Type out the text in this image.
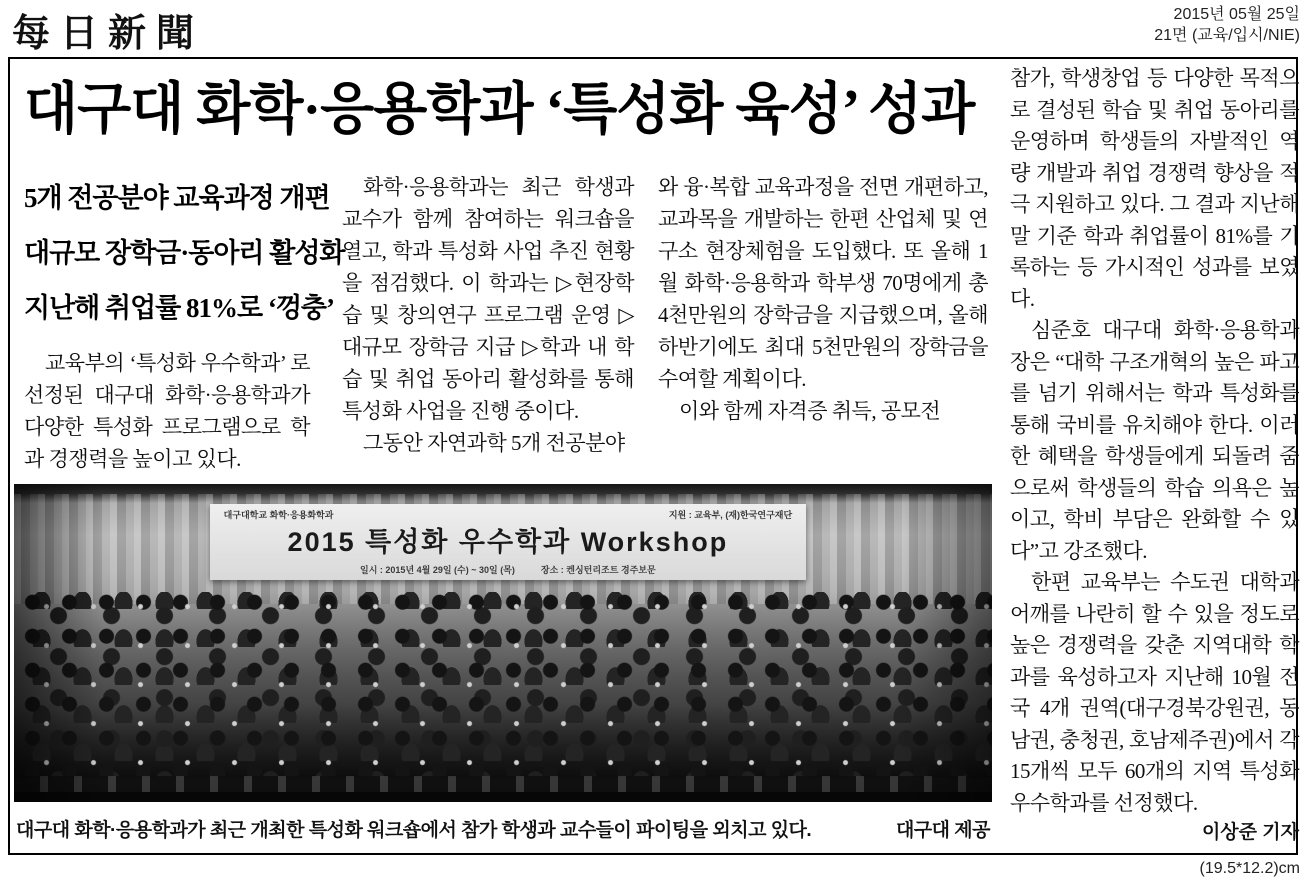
每日新聞	2015년 05월 25일
21면 (교육/입시/NIE)
대구대 화학·응용학과 ‘특성화 육성’ 성과
5개 전공분야 교육과정 개편
대규모 장학금·동아리 활성화
지난해 취업률 81%로 ‘껑충’

교육부의 ‘특성화 우수학과’ 로 선정된 대구대 화학·응용학과가 다양한 특성화 프로그램으로 학과 경쟁력을 높이고 있다.

화학·응용학과는 최근 학생과 교수가 함께 참여하는 워크숍을 열고, 학과 특성화 사업 추진 현황을 점검했다. 이 학과는 ▷현장학습 및 창의연구 프로그램 운영 ▷대규모 장학금 지급 ▷학과 내 학습 및 취업 동아리 활성화를 통해 특성화 사업을 진행 중이다.

그동안 자연과학 5개 전공분야

와 융·복합 교육과정을 전면 개편하고, 교과목을 개발하는 한편 산업체 및 연구소 현장체험을 도입했다. 또 올해 1월 화학·응용학과 학부생 70명에게 총 4천만원의 장학금을 지급했으며, 올해 하반기에도 최대 5천만원의 장학금을 수여할 계획이다.

이와 함께 자격증 취득, 공모전

참가, 학생창업 등 다양한 목적으로 결성된 학습 및 취업 동아리를 운영하며 학생들의 자발적인 역량 개발과 취업 경쟁력 향상을 적극 지원하고 있다. 그 결과 지난해 말 기준 학과 취업률이 81%를 기록하는 등 가시적인 성과를 보였다.

심준호 대구대 화학·응용학과장은 “대학 구조개혁의 높은 파고를 넘기 위해서는 학과 특성화를 통해 국비를 유치해야 한다. 이러한 혜택을 학생들에게 되돌려 줌으로써 학생들의 학습 의욕은 높이고, 학비 부담은 완화할 수 있다”고 강조했다.

한편 교육부는 수도권 대학과 어깨를 나란히 할 수 있을 정도로 높은 경쟁력을 갖춘 지역대학 학과를 육성하고자 지난해 10월 전국 4개 권역(대구경북강원권, 동남권, 충청권, 호남제주권)에서 각 15개씩 모두 60개의 지역 특성화 우수학과를 선정했다.

이상준 기자
대구대학교 화학·응용화학과	지원 : 교육부, (재)한국연구재단
2015 특성화 우수학과 Workshop
일시 : 2015년 4월 29일 (수) ~ 30일 (목)	장소 : 켄싱턴리조트 경주보문
대구대 화학·응용학과가 최근 개최한 특성화 워크숍에서 참가 학생과 교수들이 파이팅을 외치고 있다.	대구대 제공
(19.5*12.2)cm
